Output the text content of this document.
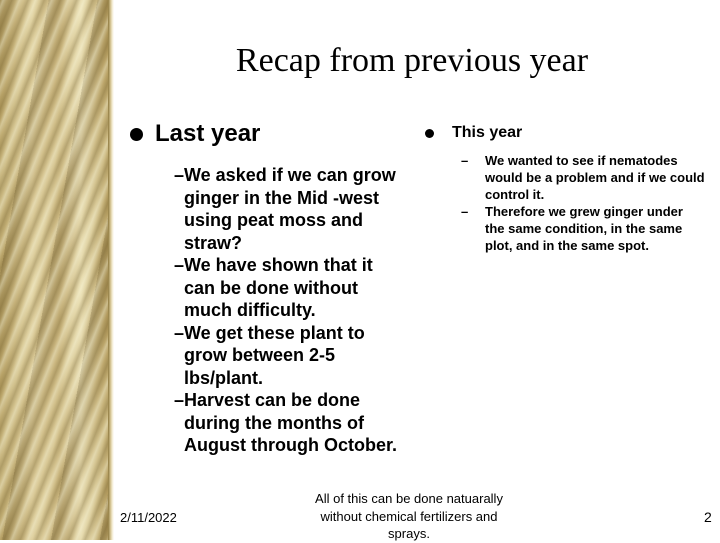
Recap from previous year
Last year
– We asked if we can grow ginger in the Mid -west using peat moss and straw?
– We have shown that it can be done without much difficulty.
– We get these plant to grow between 2-5 lbs/plant.
– Harvest can be done during the months of August through October.
This year
–	We wanted to see if nematodes would be a problem and if we could control it.
–	Therefore we grew ginger under the same condition, in the same plot, and in the same spot.
2/11/2022
All of this can be done natuarally without chemical fertilizers and sprays.
2
